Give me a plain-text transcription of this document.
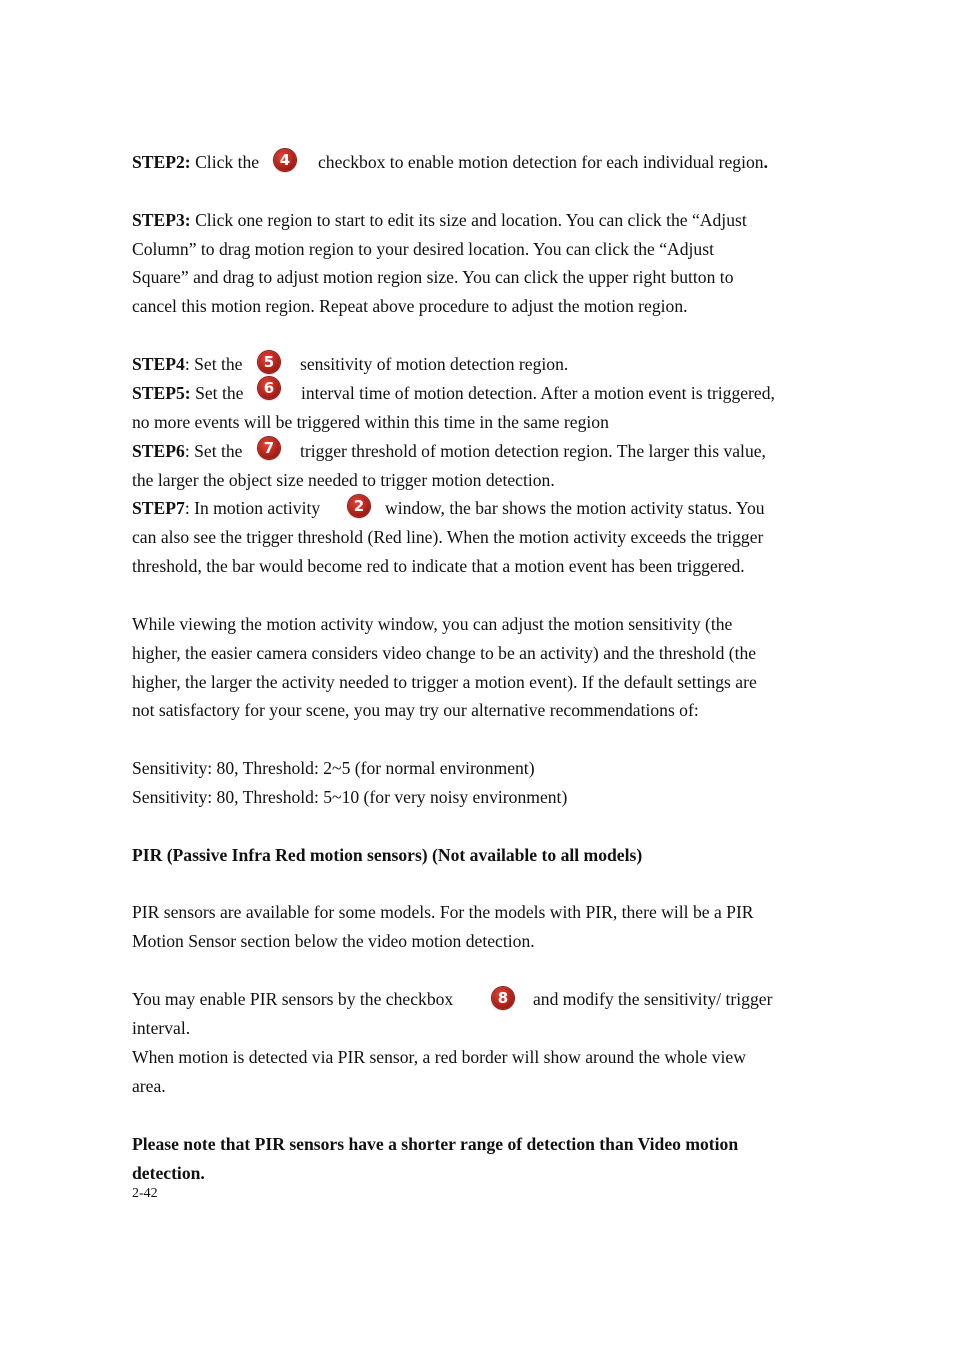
STEP2: Click the	4	checkbox to enable motion detection for each individual region.
STEP3: Click one region to start to edit its size and location. You can click the “Adjust
Column” to drag motion region to your desired location. You can click the “Adjust
Square” and drag to adjust motion region size. You can click the upper right button to
cancel this motion region. Repeat above procedure to adjust the motion region.
STEP4: Set the	5	sensitivity of motion detection region.
STEP5: Set the	6	interval time of motion detection. After a motion event is triggered,
no more events will be triggered within this time in the same region
STEP6: Set the	7	trigger threshold of motion detection region. The larger this value,
the larger the object size needed to trigger motion detection.
STEP7: In motion activity	2	window, the bar shows the motion activity status. You
can also see the trigger threshold (Red line). When the motion activity exceeds the trigger
threshold, the bar would become red to indicate that a motion event has been triggered.
While viewing the motion activity window, you can adjust the motion sensitivity (the
higher, the easier camera considers video change to be an activity) and the threshold (the
higher, the larger the activity needed to trigger a motion event). If the default settings are
not satisfactory for your scene, you may try our alternative recommendations of:
Sensitivity: 80, Threshold: 2~5 (for normal environment)
Sensitivity: 80, Threshold: 5~10 (for very noisy environment)
PIR (Passive Infra Red motion sensors) (Not available to all models)
PIR sensors are available for some models. For the models with PIR, there will be a PIR
Motion Sensor section below the video motion detection.
You may enable PIR sensors by the checkbox	8	and modify the sensitivity/ trigger
interval.
When motion is detected via PIR sensor, a red border will show around the whole view
area.
Please note that PIR sensors have a shorter range of detection than Video motion
detection.
2-42
